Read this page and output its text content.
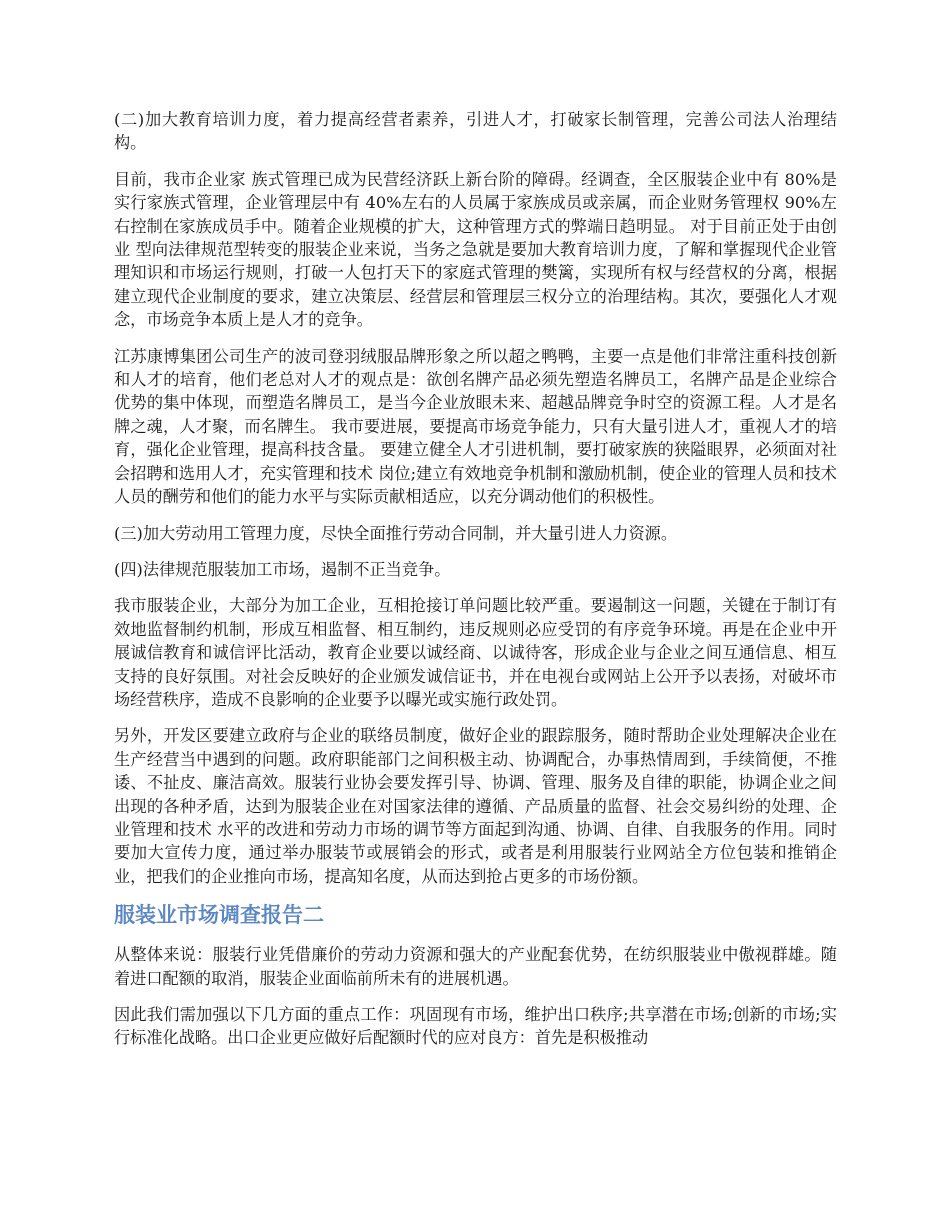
(二)加大教育培训力度，着力提高经营者素养，引进人才，打破家长制管理，完善公司法人治理结构。

目前，我市企业家 族式管理已成为民营经济跃上新台阶的障碍。经调查，全区服装企业中有 80%是实行家族式管理，企业管理层中有 40%左右的人员属于家族成员或亲属，而企业财务管理权 90%左右控制在家族成员手中。随着企业规模的扩大，这种管理方式的弊端日趋明显。 对于目前正处于由创业 型向法律规范型转变的服装企业来说，当务之急就是要加大教育培训力度，了解和掌握现代企业管理知识和市场运行规则，打破一人包打天下的家庭式管理的樊篱，实现所有权与经营权的分离，根据建立现代企业制度的要求，建立决策层、经营层和管理层三权分立的治理结构。其次，要强化人才观念，市场竞争本质上是人才的竞争。

江苏康博集团公司生产的波司登羽绒服品牌形象之所以超之鸭鸭，主要一点是他们非常注重科技创新和人才的培育，他们老总对人才的观点是：欲创名牌产品必须先塑造名牌员工，名牌产品是企业综合优势的集中体现，而塑造名牌员工，是当今企业放眼未来、超越品牌竞争时空的资源工程。人才是名牌之魂，人才聚，而名牌生。 我市要进展，要提高市场竞争能力，只有大量引进人才，重视人才的培育，强化企业管理，提高科技含量。 要建立健全人才引进机制，要打破家族的狭隘眼界，必须面对社会招聘和选用人才，充实管理和技术 岗位;建立有效地竞争机制和激励机制，使企业的管理人员和技术 人员的酬劳和他们的能力水平与实际贡献相适应，以充分调动他们的积极性。

(三)加大劳动用工管理力度，尽快全面推行劳动合同制，并大量引进人力资源。

(四)法律规范服装加工市场，遏制不正当竞争。

我市服装企业，大部分为加工企业，互相抢接订单问题比较严重。要遏制这一问题，关键在于制订有效地监督制约机制，形成互相监督、相互制约，违反规则必应受罚的有序竞争环境。再是在企业中开展诚信教育和诚信评比活动，教育企业要以诚经商、以诚待客，形成企业与企业之间互通信息、相互支持的良好氛围。对社会反映好的企业颁发诚信证书，并在电视台或网站上公开予以表扬，对破坏市场经营秩序，造成不良影响的企业要予以曝光或实施行政处罚。

另外，开发区要建立政府与企业的联络员制度，做好企业的跟踪服务，随时帮助企业处理解决企业在生产经营当中遇到的问题。政府职能部门之间积极主动、协调配合，办事热情周到，手续简便，不推诿、不扯皮、廉洁高效。服装行业协会要发挥引导、协调、管理、服务及自律的职能，协调企业之间出现的各种矛盾，达到为服装企业在对国家法律的遵循、产品质量的监督、社会交易纠纷的处理、企业管理和技术 水平的改进和劳动力市场的调节等方面起到沟通、协调、自律、自我服务的作用。同时要加大宣传力度，通过举办服装节或展销会的形式，或者是利用服装行业网站全方位包装和推销企业，把我们的企业推向市场，提高知名度，从而达到抢占更多的市场份额。

服装业市场调查报告二

从整体来说：服装行业凭借廉价的劳动力资源和强大的产业配套优势，在纺织服装业中傲视群雄。随着进口配额的取消，服装企业面临前所未有的进展机遇。

因此我们需加强以下几方面的重点工作：巩固现有市场，维护出口秩序;共享潜在市场;创新的市场;实行标准化战略。出口企业更应做好后配额时代的应对良方：首先是积极推动
